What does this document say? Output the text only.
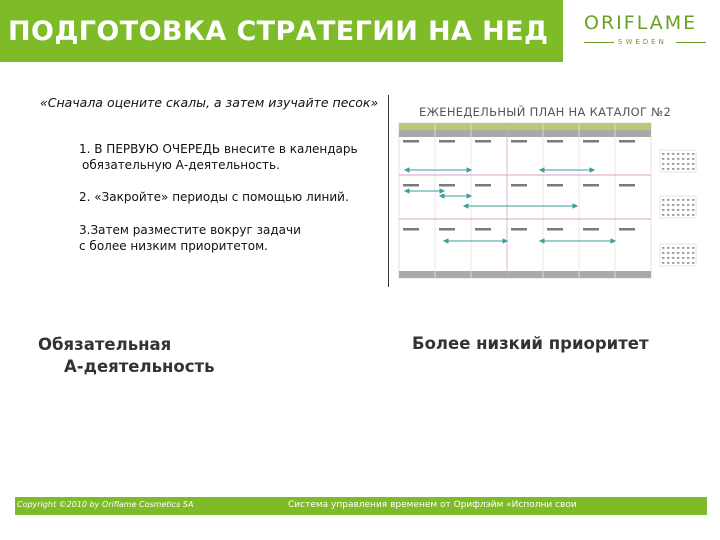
ПОДГОТОВКА СТРАТЕГИИ НА НЕД ORIFLAME
SWEDEN
«Сначала оцените скалы, а затем изучайте песок»
1. В ПЕРВУЮ ОЧЕРЕДЬ внесите в календарь
обязательную А-деятельность.
2. «Закройте» периоды с помощью линий.
3.Затем разместите вокруг задачи
с более низким приоритетом.
ЕЖЕНЕДЕЛЬНЫЙ ПЛАН НА КАТАЛОГ №2
Обязательная
А-деятельность
Более низкий приоритет
Copyright ©2010 by Oriflame Cosmetics SA	Система управления временем от Орифлэйм «Исполни свои
